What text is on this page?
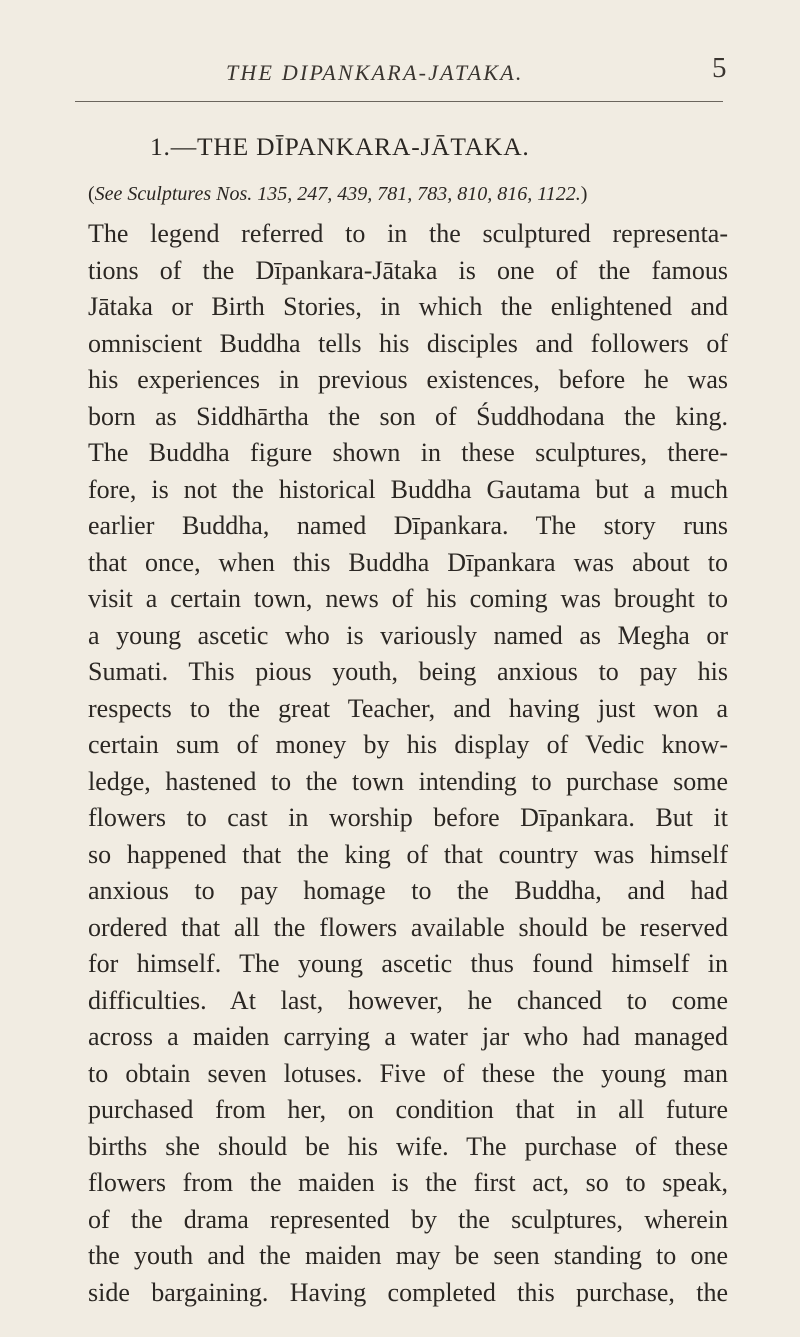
THE DIPANKARA-JATAKA.	5
1.—THE DĪPANKARA-JĀTAKA.
(See Sculptures Nos. 135, 247, 439, 781, 783, 810, 816, 1122.)
The legend referred to in the sculptured representa-
tions of the Dīpankara-Jātaka is one of the famous
Jātaka or Birth Stories, in which the enlightened and
omniscient Buddha tells his disciples and followers of
his experiences in previous existences, before he was
born as Siddhārtha the son of Śuddhodana the king.
The Buddha figure shown in these sculptures, there-
fore, is not the historical Buddha Gautama but a much
earlier Buddha, named Dīpankara. The story runs
that once, when this Buddha Dīpankara was about to
visit a certain town, news of his coming was brought to
a young ascetic who is variously named as Megha or
Sumati. This pious youth, being anxious to pay his
respects to the great Teacher, and having just won a
certain sum of money by his display of Vedic know-
ledge, hastened to the town intending to purchase some
flowers to cast in worship before Dīpankara. But it
so happened that the king of that country was himself
anxious to pay homage to the Buddha, and had
ordered that all the flowers available should be reserved
for himself. The young ascetic thus found himself in
difficulties. At last, however, he chanced to come
across a maiden carrying a water jar who had managed
to obtain seven lotuses. Five of these the young man
purchased from her, on condition that in all future
births she should be his wife. The purchase of these
flowers from the maiden is the first act, so to speak,
of the drama represented by the sculptures, wherein
the youth and the maiden may be seen standing to one
side bargaining. Having completed this purchase, the
